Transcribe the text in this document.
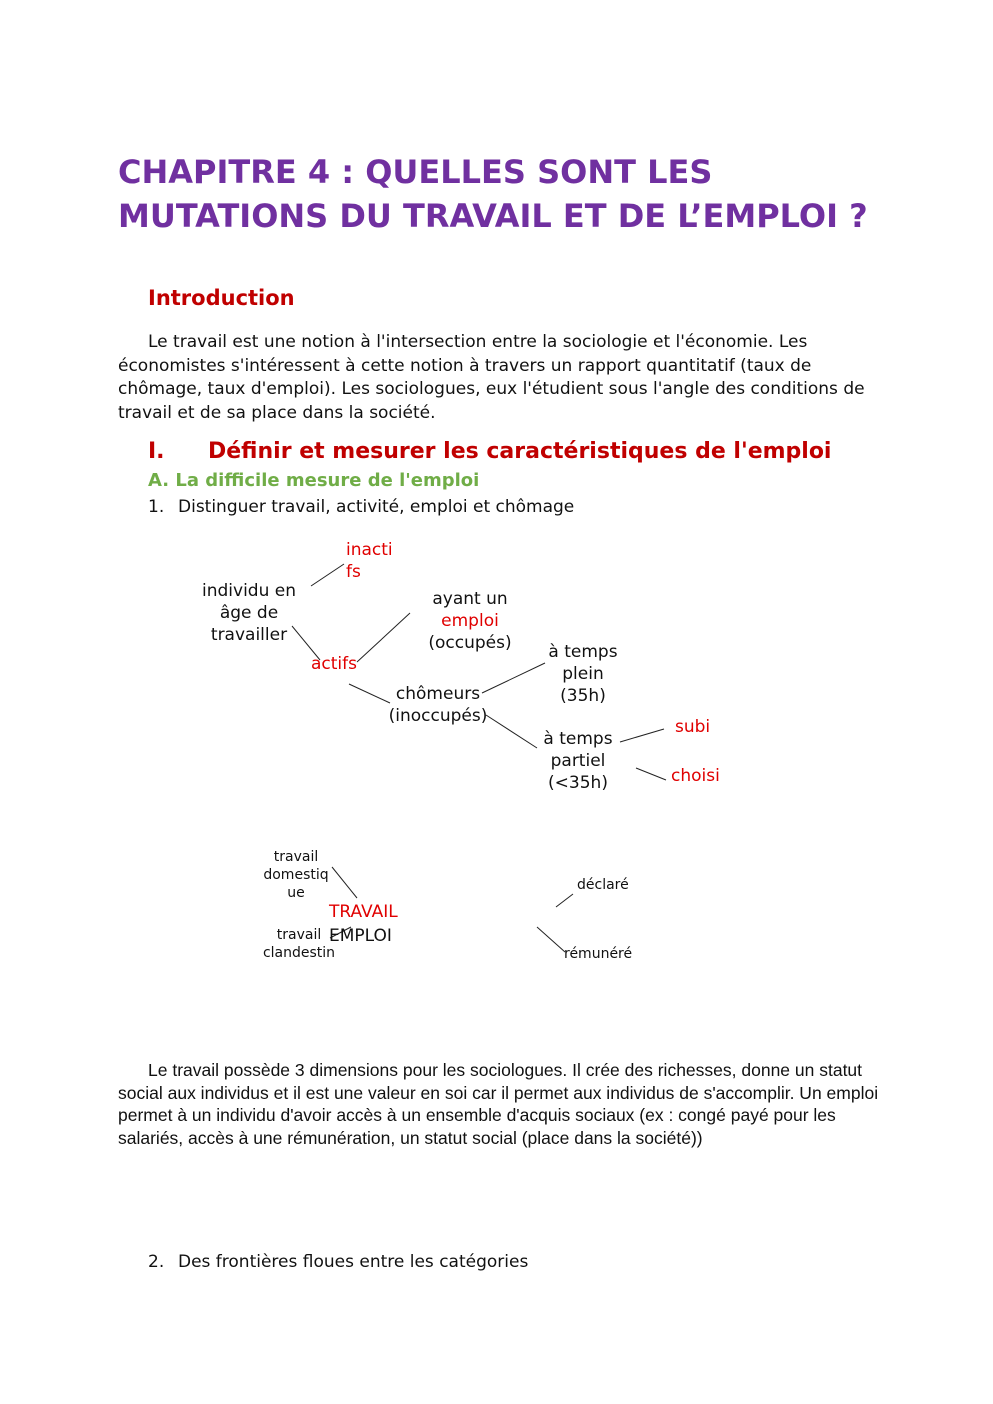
CHAPITRE 4 : QUELLES SONT LES MUTATIONS DU TRAVAIL ET DE L’EMPLOI ?
Introduction

Le travail est une notion à l'intersection entre la sociologie et l'économie. Les économistes s'intéressent à cette notion à travers un rapport quantitatif (taux de chômage, taux d'emploi). Les sociologues, eux l'étudient sous l'angle des conditions de travail et de sa place dans la société.

I. Définir et mesurer les caractéristiques de l'emploi
A. La difficile mesure de l'emploi

1. Distinguer travail, activité, emploi et chômage

inacti
fs
individu en
âge de
travailler
actifs
ayant un
emploi
(occupés)
chômeurs
(inoccupés)
à temps
plein
(35h)
à temps
partiel
(<35h)
subi
choisi
travail
domestiq
ue
travail
clandestin
TRAVAIL
EMPLOI
déclaré
rémunéré

Le travail possède 3 dimensions pour les sociologues. Il crée des richesses, donne un statut social aux individus et il est une valeur en soi car il permet aux individus de s'accomplir. Un emploi permet à un individu d'avoir accès à un ensemble d'acquis sociaux (ex : congé payé pour les salariés, accès à une rémunération, un statut social (place dans la société))

2. Des frontières floues entre les catégories
